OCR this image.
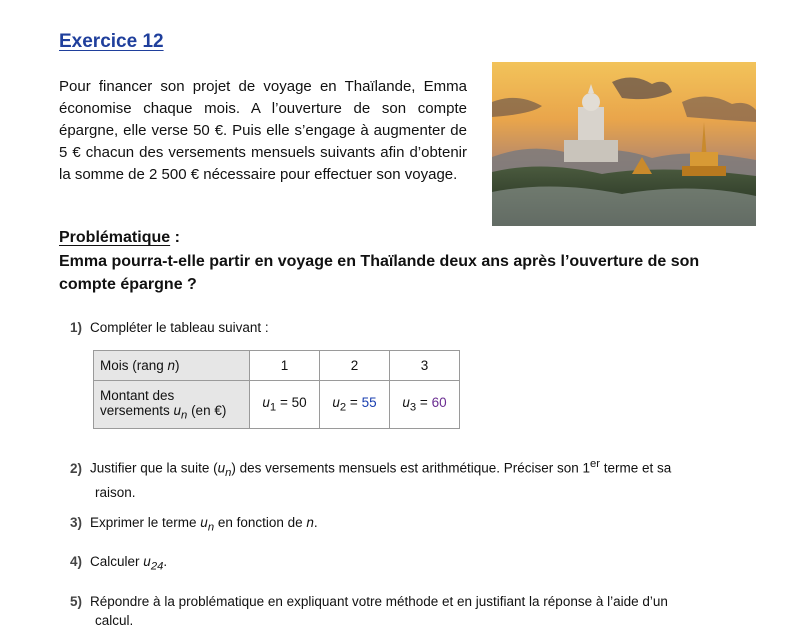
Exercice 12
Pour financer son projet de voyage en Thaïlande, Emma économise chaque mois. A l’ouverture de son compte épargne, elle verse 50 €. Puis elle s’engage à augmenter de 5 € chacun des versements mensuels suivants afin d’obtenir la somme de 2 500 € nécessaire pour effectuer son voyage.
Problématique :
Emma pourra-t-elle partir en voyage en Thaïlande deux ans après l’ouverture de son compte épargne ?
1) Compléter le tableau suivant :
Mois (rang n)	1	2	3

Montant des
versements $u_n$ (en €)	$u_1 = 50$	$u_2 = 55$	$u_3 = 60$
2) Justifier que la suite $(u_n)$ des versements mensuels est arithmétique. Préciser son 1er terme et sa
raison.
3) Exprimer le terme $u_n$ en fonction de n.
4) Calculer $u_{24}$.
5) Répondre à la problématique en expliquant votre méthode et en justifiant la réponse à l’aide d’un
calcul.
